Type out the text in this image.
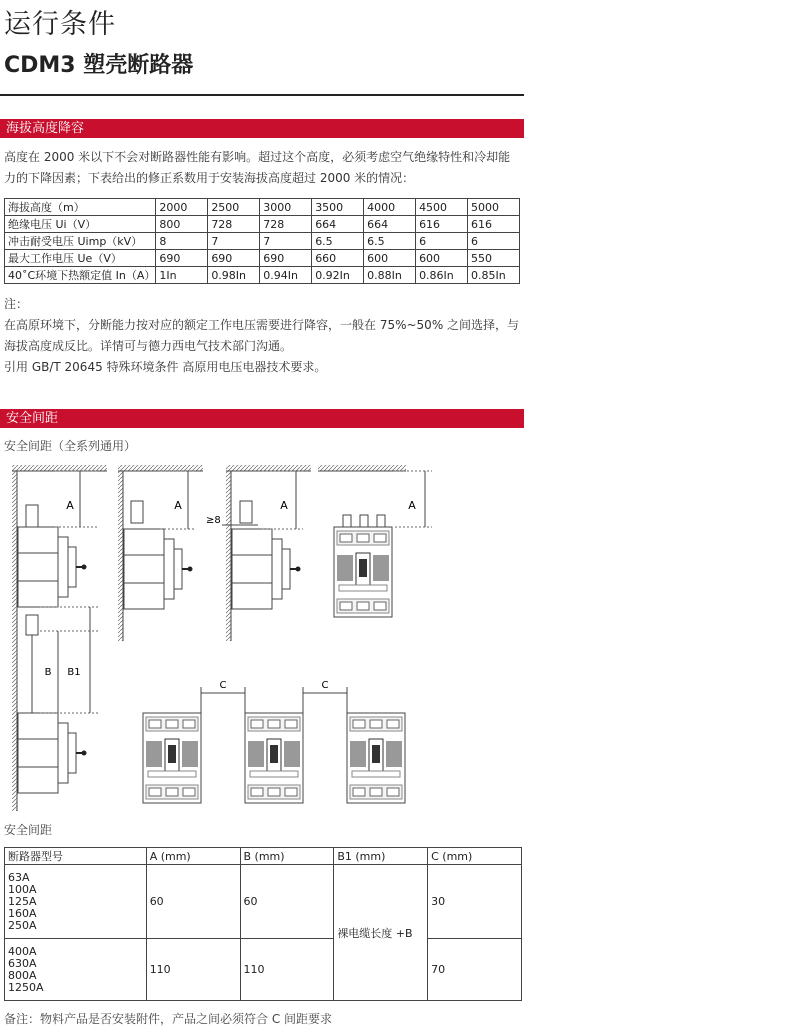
运行条件
CDM3 塑壳断路器
海拔高度降容
高度在 2000 米以下不会对断路器性能有影响。超过这个高度，必须考虑空气绝缘特性和冷却能
力的下降因素；下表给出的修正系数用于安装海拔高度超过 2000 米的情况：
海拔高度（m）	2000	2500	3000	3500	4000	4500	5000
绝缘电压 Ui（V）	800	728	728	664	664	616	616
冲击耐受电压 Uimp（kV）	8	7	7	6.5	6.5	6	6
最大工作电压 Ue（V）	690	690	690	660	600	600	550
40˚C环境下热额定值 In（A）	1In	0.98In	0.94In	0.92In	0.88In	0.86In	0.85In
注：
在高原环境下，分断能力按对应的额定工作电压需要进行降容，一般在 75%~50% 之间选择，与
海拔高度成反比。详情可与德力西电气技术部门沟通。
引用 GB/T 20645 特殊环境条件 高原用电压电器技术要求。
安全间距
安全间距（全系列通用）
A
B B1
A	A
≥8
A
C	C
安全间距
断路器型号	A (mm)	B (mm)	B1 (mm)	C (mm)

63A
100A
125A
160A
250A	60	60	裸电缆长度 +B	30

400A
630A
800A
1250A	110	110		70
备注：物料产品是否安装附件，产品之间必须符合 C 间距要求
